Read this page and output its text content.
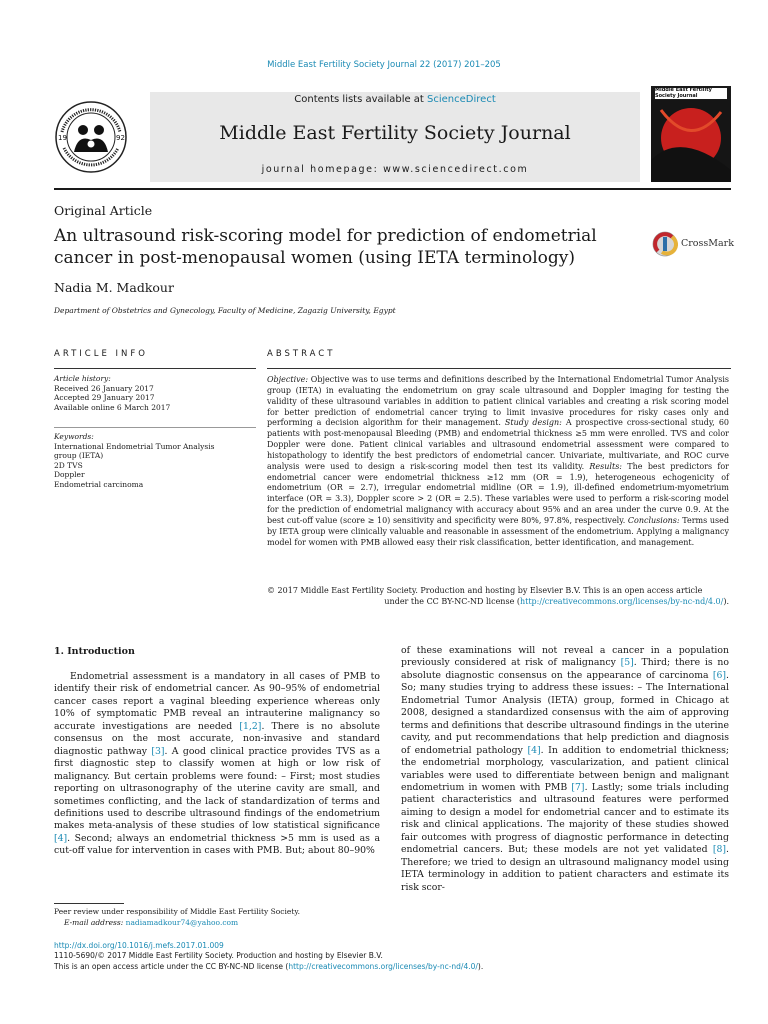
Middle East Fertility Society Journal 22 (2017) 201–205
19	92
Contents lists available at ScienceDirect
Middle East Fertility Society Journal
journal homepage: www.sciencedirect.com
Middle East Fertility
Society Journal
Original Article
An ultrasound risk-scoring model for prediction of endometrial cancer in post-menopausal women (using IETA terminology)
CrossMark
Nadia M. Madkour
Department of Obstetrics and Gynecology, Faculty of Medicine, Zagazig University, Egypt
ARTICLE INFO
Article history:
Received 26 January 2017
Accepted 29 January 2017
Available online 6 March 2017
Keywords:
International Endometrial Tumor Analysis
group (IETA)
2D TVS
Doppler
Endometrial carcinoma
ABSTRACT
Objective: Objective was to use terms and definitions described by the International Endometrial Tumor Analysis group (IETA) in evaluating the endometrium on gray scale ultrasound and Doppler imaging for testing the validity of these ultrasound variables in addition to patient clinical variables and creating a risk scoring model for better prediction of endometrial cancer trying to limit invasive procedures for risky cases only and performing a decision algorithm for their management. Study design: A prospective cross-sectional study, 60 patients with post-menopausal Bleeding (PMB) and endometrial thickness ≥5 mm were enrolled. TVS and color Doppler were done. Patient clinical variables and ultrasound endometrial assessment were compared to histopathology to identify the best predictors of endometrial cancer. Univariate, multivariate, and ROC curve analysis were used to design a risk-scoring model then test its validity. Results: The best predictors for endometrial cancer were endometrial thickness ≥12 mm (OR = 1.9), heterogeneous echogenicity of endometrium (OR = 2.7), irregular endometrial midline (OR = 1.9), ill-defined endometrium-myometrium interface (OR = 3.3), Doppler score > 2 (OR = 2.5). These variables were used to perform a risk-scoring model for the prediction of endometrial malignancy with accuracy about 95% and an area under the curve 0.9. At the best cut-off value (score ≥ 10) sensitivity and specificity were 80%, 97.8%, respectively. Conclusions: Terms used by IETA group were clinically valuable and reasonable in assessment of the endometrium. Applying a malignancy model for women with PMB allowed easy their risk classification, better identification, and management.
© 2017 Middle East Fertility Society. Production and hosting by Elsevier B.V. This is an open access article
under the CC BY-NC-ND license (http://creativecommons.org/licenses/by-nc-nd/4.0/).
1. Introduction

Endometrial assessment is a mandatory in all cases of PMB to identify their risk of endometrial cancer. As 90–95% of endometrial cancer cases report a vaginal bleeding experience whereas only 10% of symptomatic PMB reveal an intrauterine malignancy so accurate investigations are needed [1,2]. There is no absolute consensus on the most accurate, non-invasive and standard diagnostic pathway [3]. A good clinical practice provides TVS as a first diagnostic step to classify women at high or low risk of malignancy. But certain problems were found: – First; most studies reporting on ultrasonography of the uterine cavity are small, and sometimes conflicting, and the lack of standardization of terms and definitions used to describe ultrasound findings of the endometrium makes meta-analysis of these studies of low statistical significance [4]. Second; always an endometrial thickness >5 mm is used as a cut-off value for intervention in cases with PMB. But; about 80–90%

of these examinations will not reveal a cancer in a population previously considered at risk of malignancy [5]. Third; there is no absolute diagnostic consensus on the appearance of carcinoma [6]. So; many studies trying to address these issues: – The International Endometrial Tumor Analysis (IETA) group, formed in Chicago at 2008, designed a standardized consensus with the aim of approving terms and definitions that describe ultrasound findings in the uterine cavity, and put recommendations that help prediction and diagnosis of endometrial pathology [4]. In addition to endometrial thickness; the endometrial morphology, vascularization, and patient clinical variables were used to differentiate between benign and malignant endometrium in women with PMB [7]. Lastly; some trials including patient characteristics and ultrasound features were performed aiming to design a model for endometrial cancer and to estimate its risk and clinical applications. The majority of these studies showed fair outcomes with progress of diagnostic performance in detecting endometrial cancers. But; these models are not yet validated [8]. Therefore; we tried to design an ultrasound malignancy model using IETA terminology in addition to patient characters and estimate its risk scor-

Peer review under responsibility of Middle East Fertility Society.
E-mail address: nadiamadkour74@yahoo.com
http://dx.doi.org/10.1016/j.mefs.2017.01.009
1110-5690/© 2017 Middle East Fertility Society. Production and hosting by Elsevier B.V.
This is an open access article under the CC BY-NC-ND license (http://creativecommons.org/licenses/by-nc-nd/4.0/).
